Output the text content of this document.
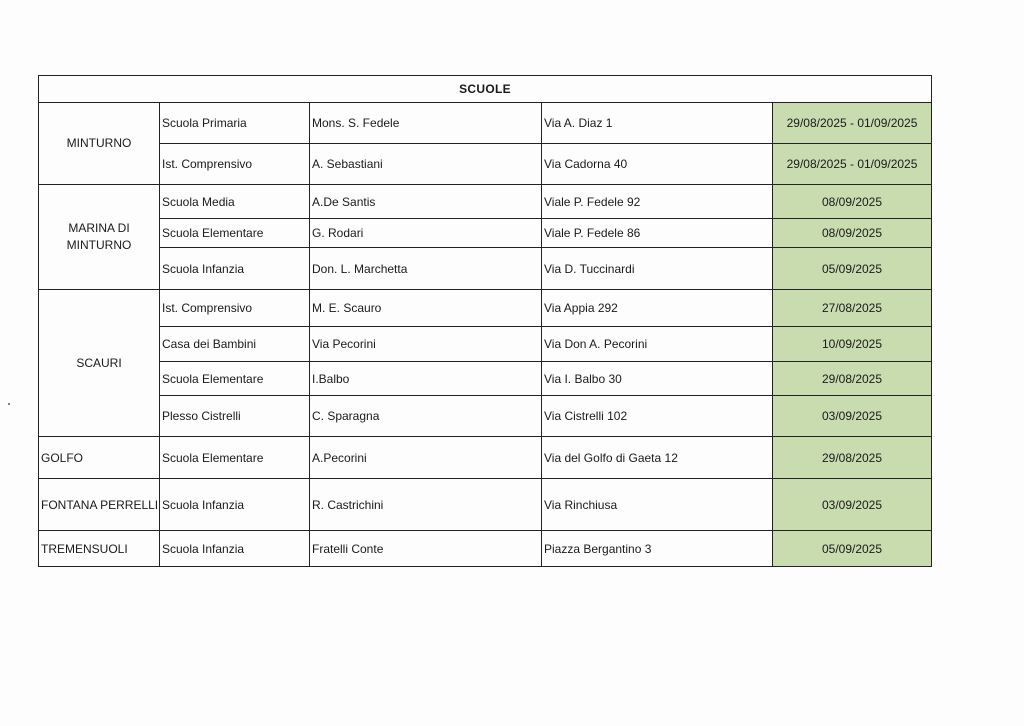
SCUOLE				
MINTURNO	Scuola Primaria	Mons. S. Fedele	Via A. Diaz 1	29/08/2025 - 01/09/2025
	Ist. Comprensivo	A. Sebastiani	Via Cadorna 40	29/08/2025 - 01/09/2025
MARINA DI MINTURNO	Scuola Media	A.De Santis	Viale P. Fedele 92	08/09/2025
	Scuola Elementare	G. Rodari	Viale P. Fedele 86	08/09/2025
	Scuola Infanzia	Don. L. Marchetta	Via D. Tuccinardi	05/09/2025
SCAURI	Ist. Comprensivo	M. E. Scauro	Via Appia 292	27/08/2025
	Casa dei Bambini	Via Pecorini	Via Don A. Pecorini	10/09/2025
	Scuola Elementare	I.Balbo	Via I. Balbo 30	29/08/2025
	Plesso Cistrelli	C. Sparagna	Via Cistrelli 102	03/09/2025
GOLFO	Scuola Elementare	A.Pecorini	Via del Golfo di Gaeta 12	29/08/2025
FONTANA PERRELLI	Scuola Infanzia	R. Castrichini	Via Rinchiusa	03/09/2025
TREMENSUOLI	Scuola Infanzia	Fratelli Conte	Piazza Bergantino 3	05/09/2025
